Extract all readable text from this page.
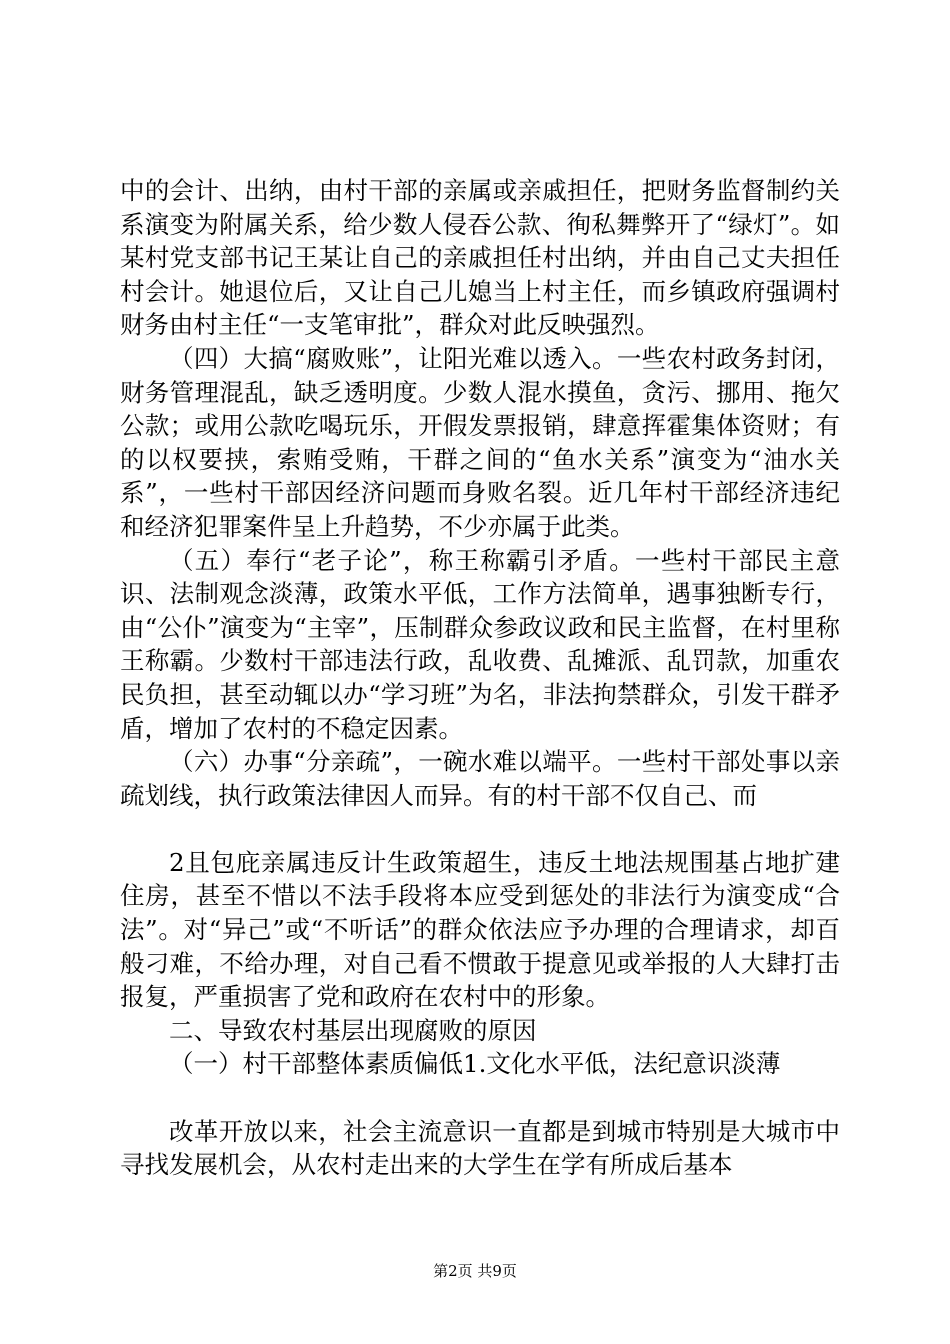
中的会计、出纳，由村干部的亲属或亲戚担任，把财务监督制约关系演变为附属关系，给少数人侵吞公款、徇私舞弊开了“绿灯”。如某村党支部书记王某让自己的亲戚担任村出纳，并由自己丈夫担任村会计。她退位后，又让自己儿媳当上村主任，而乡镇政府强调村财务由村主任“一支笔审批”，群众对此反映强烈。

（四）大搞“腐败账”，让阳光难以透入。一些农村政务封闭，财务管理混乱，缺乏透明度。少数人混水摸鱼，贪污、挪用、拖欠公款；或用公款吃喝玩乐，开假发票报销，肆意挥霍集体资财；有的以权要挟，索贿受贿，干群之间的“鱼水关系”演变为“油水关系”，一些村干部因经济问题而身败名裂。近几年村干部经济违纪和经济犯罪案件呈上升趋势，不少亦属于此类。

（五）奉行“老子论”，称王称霸引矛盾。一些村干部民主意识、法制观念淡薄，政策水平低，工作方法简单，遇事独断专行，由“公仆”演变为“主宰”，压制群众参政议政和民主监督，在村里称王称霸。少数村干部违法行政，乱收费、乱摊派、乱罚款，加重农民负担，甚至动辄以办“学习班”为名，非法拘禁群众，引发干群矛盾，增加了农村的不稳定因素。

（六）办事“分亲疏”，一碗水难以端平。一些村干部处事以亲疏划线，执行政策法律因人而异。有的村干部不仅自己、而

2且包庇亲属违反计生政策超生，违反土地法规围基占地扩建住房，甚至不惜以不法手段将本应受到惩处的非法行为演变成“合法”。对“异己”或“不听话”的群众依法应予办理的合理请求，却百般刁难，不给办理，对自己看不惯敢于提意见或举报的人大肆打击报复，严重损害了党和政府在农村中的形象。

二、导致农村基层出现腐败的原因

（一）村干部整体素质偏低1.文化水平低，法纪意识淡薄

改革开放以来，社会主流意识一直都是到城市特别是大城市中寻找发展机会，从农村走出来的大学生在学有所成后基本

第2页 共9页
